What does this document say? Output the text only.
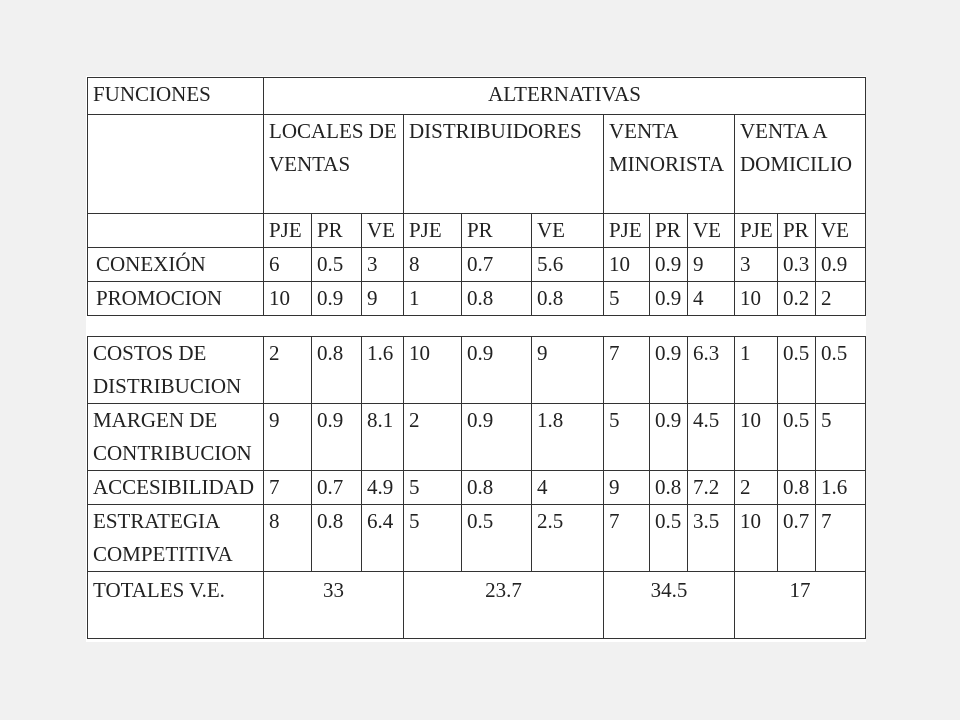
FUNCIONES	ALTERNATIVAS											
	LOCALES DE VENTAS			DISTRIBUIDORES			VENTA MINORISTA			VENTA A DOMICILIO		
	PJE	PR	VE	PJE	PR	VE	PJE	PR	VE	PJE	PR	VE
CONEXIÓN	6	0.5	3	8	0.7	5.6	10	0.9	9	3	0.3	0.9
PROMOCION	10	0.9	9	1	0.8	0.8	5	0.9	4	10	0.2	2
COSTOS DE DISTRIBUCION	2	0.8	1.6	10	0.9	9	7	0.9	6.3	1	0.5	0.5
MARGEN DE CONTRIBUCION	9	0.9	8.1	2	0.9	1.8	5	0.9	4.5	10	0.5	5
ACCESIBILIDAD	7	0.7	4.9	5	0.8	4	9	0.8	7.2	2	0.8	1.6
ESTRATEGIA COMPETITIVA	8	0.8	6.4	5	0.5	2.5	7	0.5	3.5	10	0.7	7
TOTALES V.E.	33			23.7			34.5			17		
